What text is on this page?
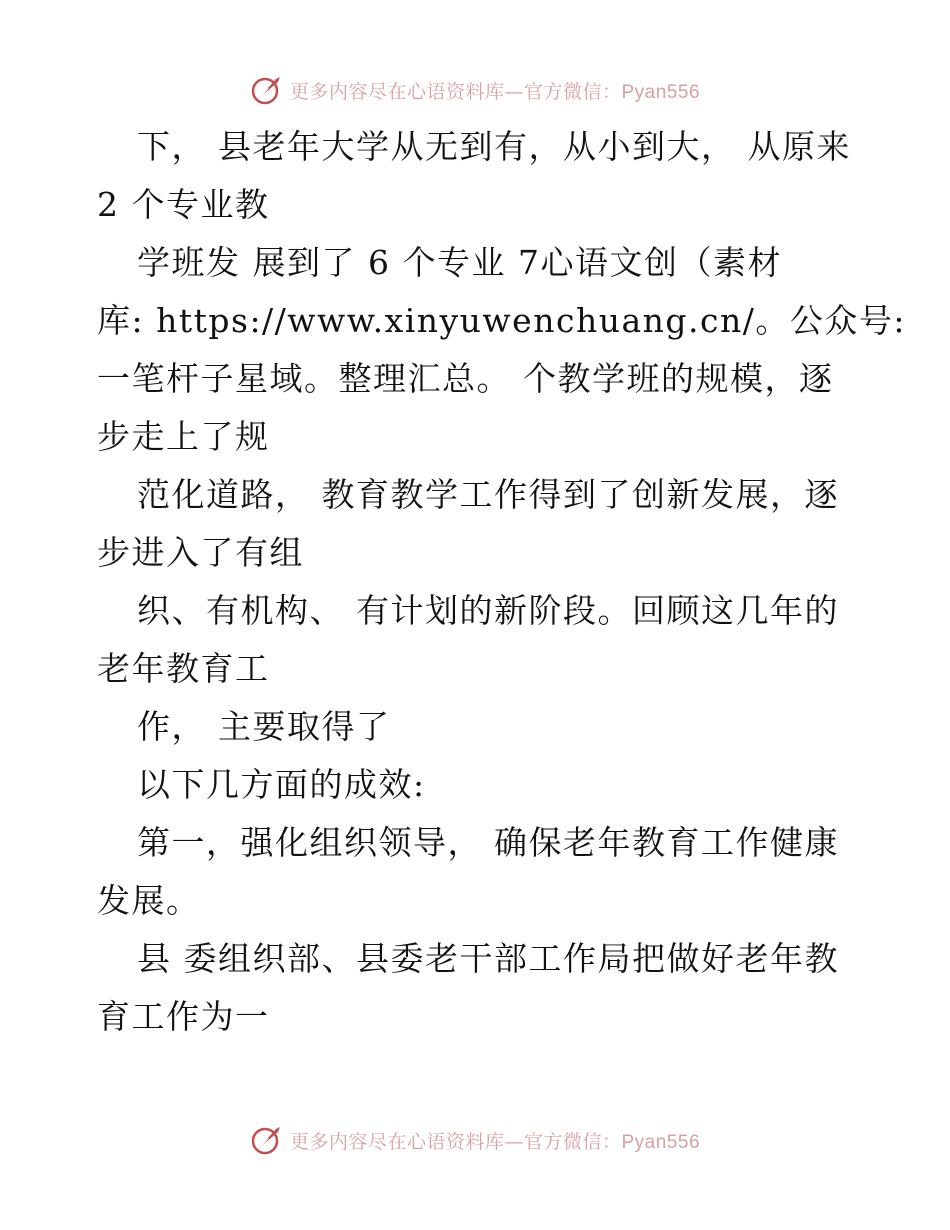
更多内容尽在心语资料库—官方微信：Pyan556

下， 县老年大学从无到有，从小到大， 从原来

2 个专业教

学班发 展到了 6 个专业 7心语文创（素材

库: https://www.xinyuwenchuang.cn/。公众号:

一笔杆子星域。整理汇总。 个教学班的规模，逐

步走上了规

范化道路， 教育教学工作得到了创新发展，逐

步进入了有组

织、有机构、 有计划的新阶段。回顾这几年的

老年教育工

作， 主要取得了

以下几方面的成效:

第一，强化组织领导， 确保老年教育工作健康

发展。

县 委组织部、县委老干部工作局把做好老年教

育工作为一

更多内容尽在心语资料库—官方微信：Pyan556
